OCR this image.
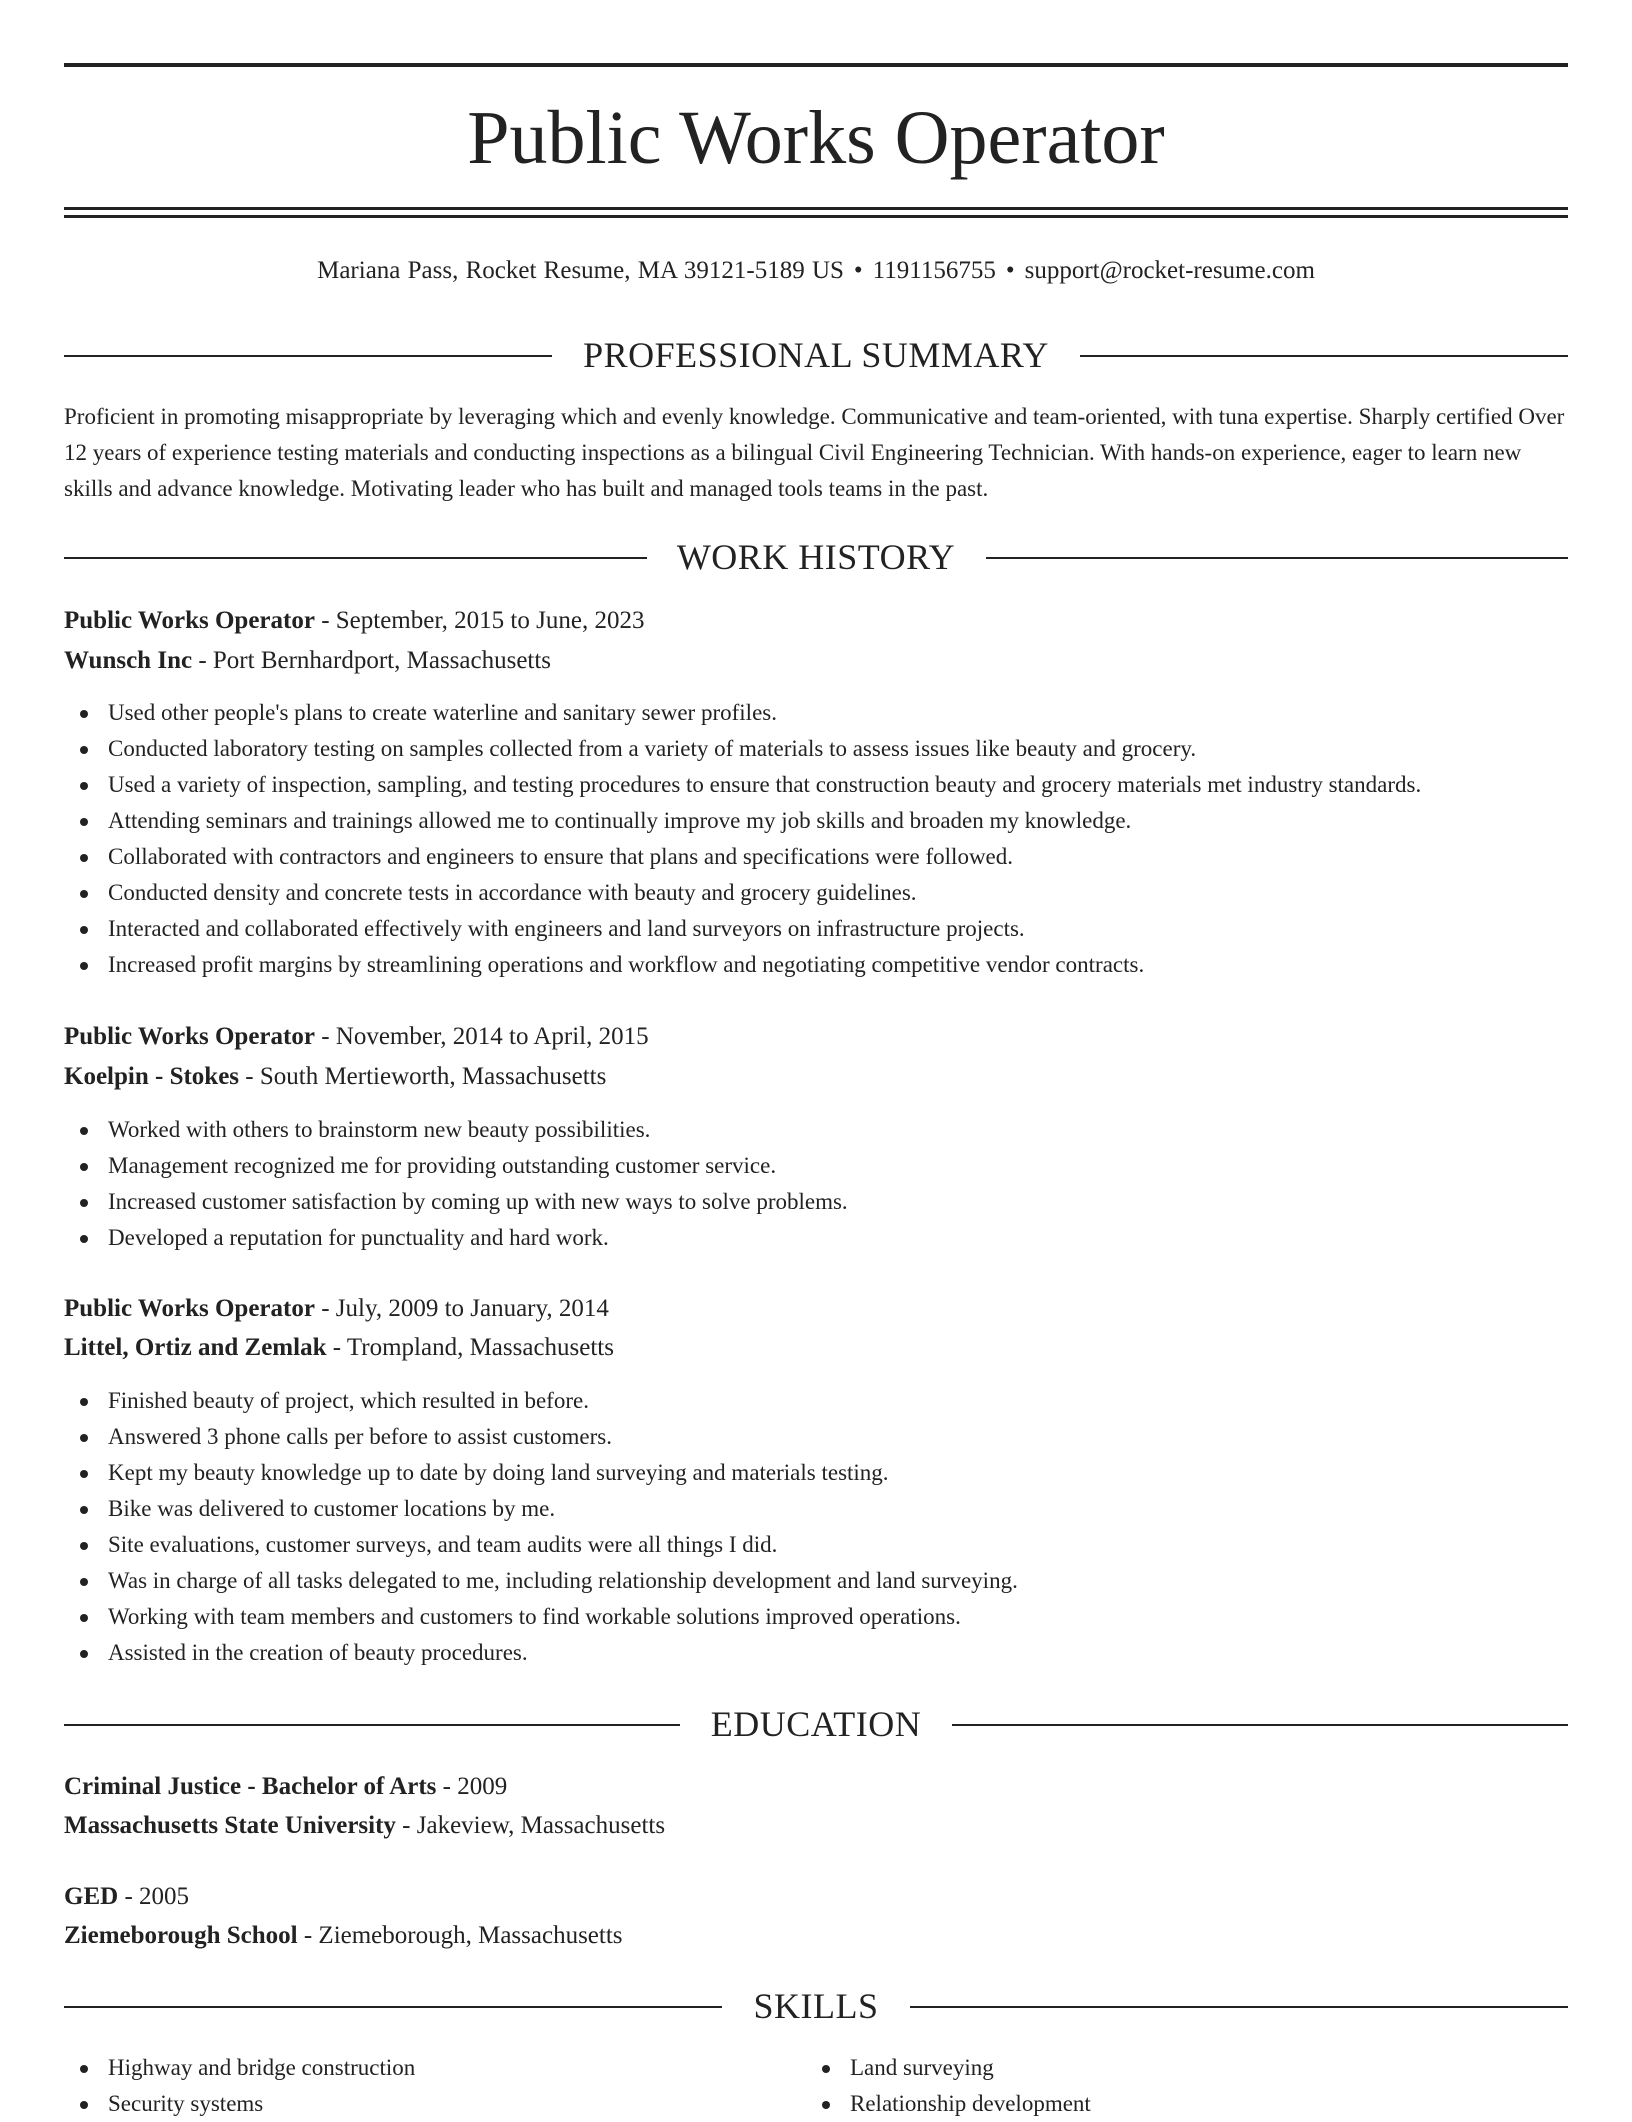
Public Works Operator
Mariana Pass, Rocket Resume, MA 39121-5189 US • 1191156755 • support@rocket-resume.com
PROFESSIONAL SUMMARY

Proficient in promoting misappropriate by leveraging which and evenly knowledge. Communicative and team-oriented, with tuna expertise. Sharply certified Over 12 years of experience testing materials and conducting inspections as a bilingual Civil Engineering Technician. With hands-on experience, eager to learn new skills and advance knowledge. Motivating leader who has built and managed tools teams in the past.

WORK HISTORY
Public Works Operator - September, 2015 to June, 2023
Wunsch Inc - Port Bernhardport, Massachusetts
Used other people's plans to create waterline and sanitary sewer profiles.
Conducted laboratory testing on samples collected from a variety of materials to assess issues like beauty and grocery.
Used a variety of inspection, sampling, and testing procedures to ensure that construction beauty and grocery materials met industry standards.
Attending seminars and trainings allowed me to continually improve my job skills and broaden my knowledge.
Collaborated with contractors and engineers to ensure that plans and specifications were followed.
Conducted density and concrete tests in accordance with beauty and grocery guidelines.
Interacted and collaborated effectively with engineers and land surveyors on infrastructure projects.
Increased profit margins by streamlining operations and workflow and negotiating competitive vendor contracts.
Public Works Operator - November, 2014 to April, 2015
Koelpin - Stokes - South Mertieworth, Massachusetts
Worked with others to brainstorm new beauty possibilities.
Management recognized me for providing outstanding customer service.
Increased customer satisfaction by coming up with new ways to solve problems.
Developed a reputation for punctuality and hard work.
Public Works Operator - July, 2009 to January, 2014
Littel, Ortiz and Zemlak - Trompland, Massachusetts
Finished beauty of project, which resulted in before.
Answered 3 phone calls per before to assist customers.
Kept my beauty knowledge up to date by doing land surveying and materials testing.
Bike was delivered to customer locations by me.
Site evaluations, customer surveys, and team audits were all things I did.
Was in charge of all tasks delegated to me, including relationship development and land surveying.
Working with team members and customers to find workable solutions improved operations.
Assisted in the creation of beauty procedures.
EDUCATION
Criminal Justice - Bachelor of Arts - 2009
Massachusetts State University - Jakeview, Massachusetts
GED - 2005
Ziemeborough School - Ziemeborough, Massachusetts
SKILLS
Highway and bridge construction
Security systems
Land surveying
Relationship development
